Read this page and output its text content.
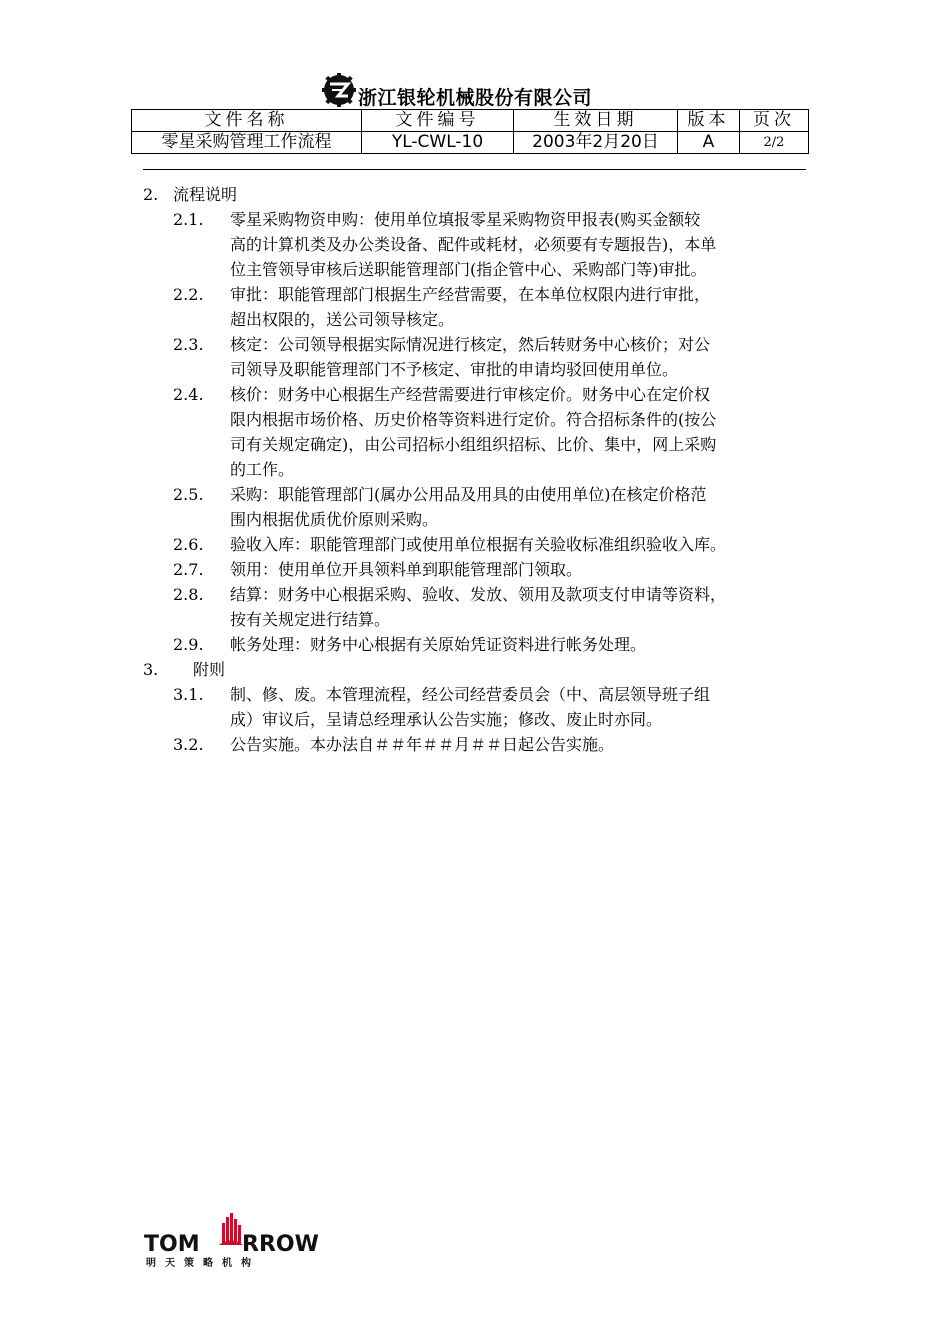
浙江银轮机械股份有限公司
文件名称	文件编号	生效日期	版本	页次
零星采购管理工作流程	YL-CWL-10	2003年2月20日	A	2/2
2. 流程说明
2.1. 零星采购物资申购：使用单位填报零星采购物资甲报表(购买金额较
高的计算机类及办公类设备、配件或耗材，必须要有专题报告)，本单
位主管领导审核后送职能管理部门(指企管中心、采购部门等)审批。
2.2. 审批：职能管理部门根据生产经营需要，在本单位权限内进行审批，
超出权限的，送公司领导核定。
2.3. 核定：公司领导根据实际情况进行核定，然后转财务中心核价；对公
司领导及职能管理部门不予核定、审批的申请均驳回使用单位。
2.4. 核价：财务中心根据生产经营需要进行审核定价。财务中心在定价权
限内根据市场价格、历史价格等资料进行定价。符合招标条件的(按公
司有关规定确定)，由公司招标小组组织招标、比价、集中，网上采购
的工作。
2.5. 采购：职能管理部门(属办公用品及用具的由使用单位)在核定价格范
围内根据优质优价原则采购。
2.6. 验收入库：职能管理部门或使用单位根据有关验收标准组织验收入库。
2.7. 领用：使用单位开具领料单到职能管理部门领取。
2.8. 结算：财务中心根据采购、验收、发放、领用及款项支付申请等资料，
按有关规定进行结算。
2.9. 帐务处理：财务中心根据有关原始凭证资料进行帐务处理。
3. 附则
3.1. 制、修、废。本管理流程，经公司经营委员会（中、高层领导班子组
成）审议后，呈请总经理承认公告实施；修改、废止时亦同。
3.2. 公告实施。本办法自＃＃年＃＃月＃＃日起公告实施。
TOM RROW
明天策略机构
